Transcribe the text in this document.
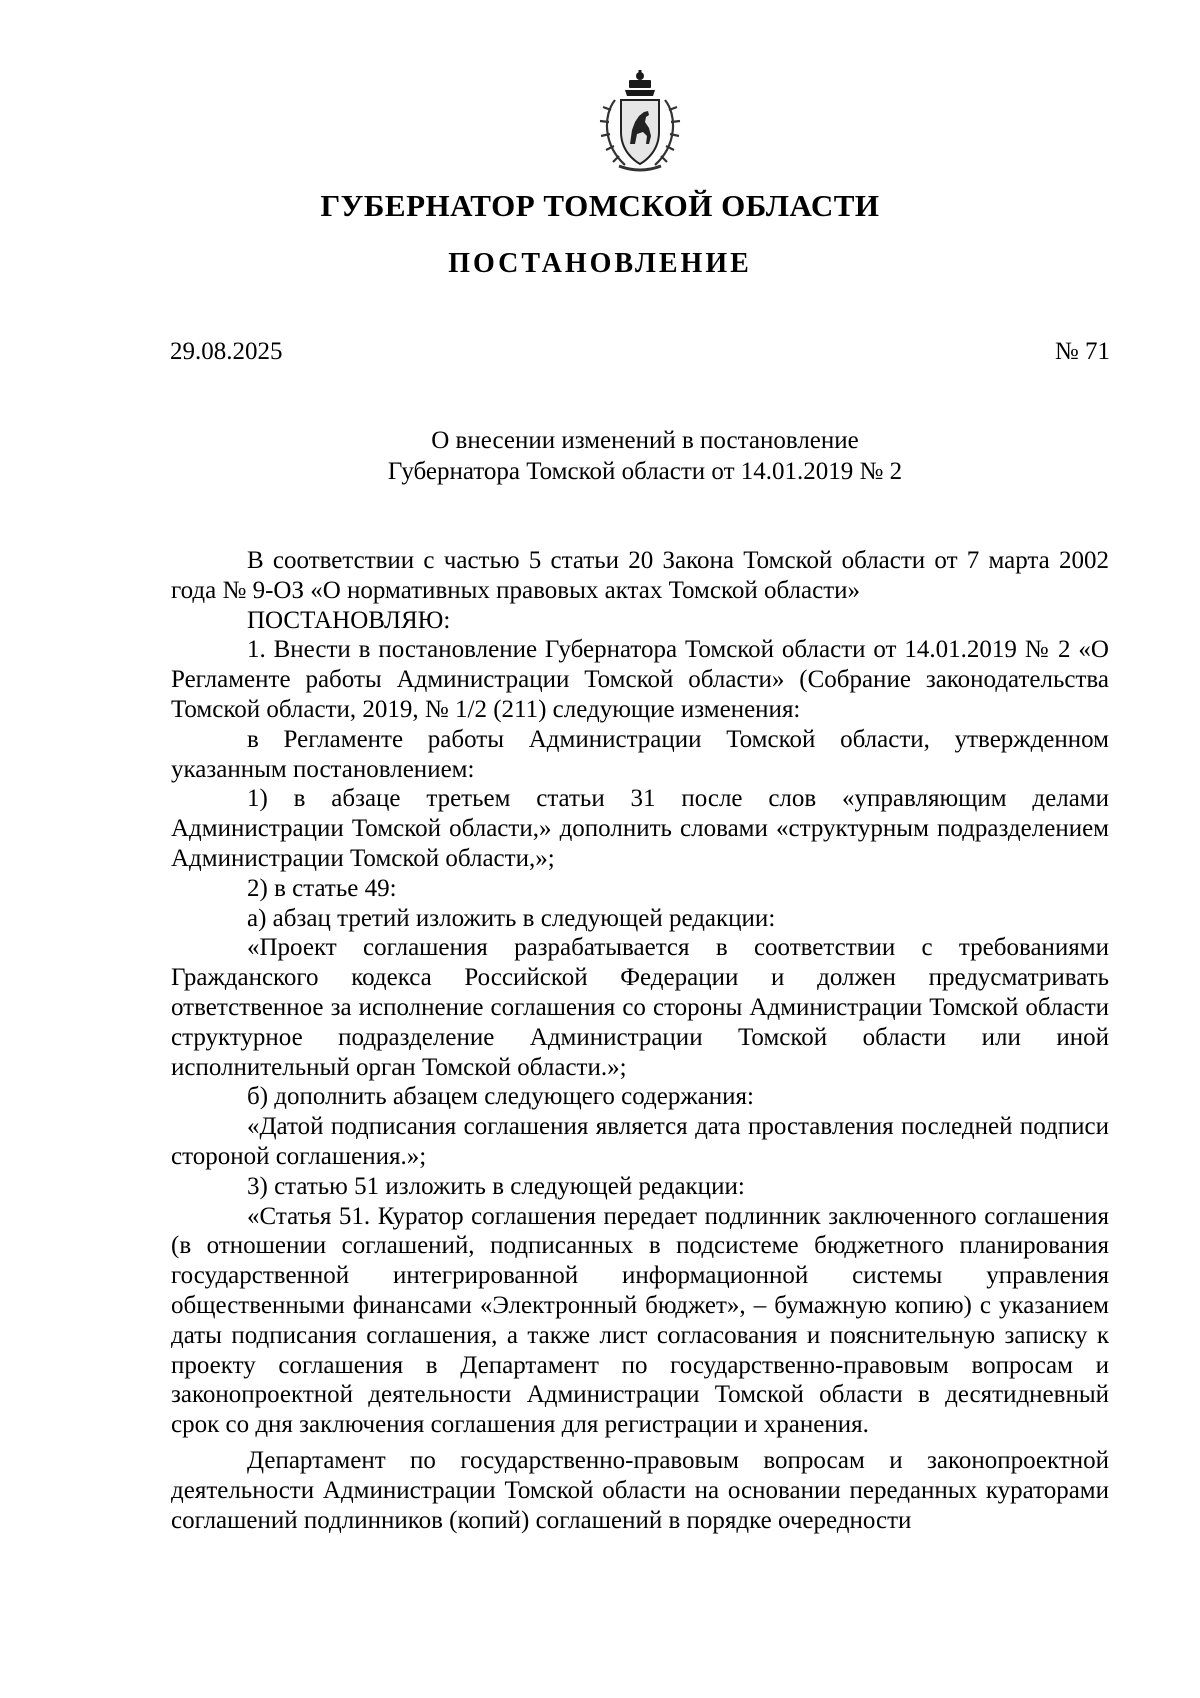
ГУБЕРНАТОР ТОМСКОЙ ОБЛАСТИ
ПОСТАНОВЛЕНИЕ
29.08.2025	№ 71
О внесении изменений в постановление
Губернатора Томской области от 14.01.2019 № 2

В соответствии с частью 5 статьи 20 Закона Томской области от 7 марта 2002 года № 9-ОЗ «О нормативных правовых актах Томской области»

ПОСТАНОВЛЯЮ:

1. Внести в постановление Губернатора Томской области от 14.01.2019 № 2 «О Регламенте работы Администрации Томской области» (Собрание законодательства Томской области, 2019, № 1/2 (211) следующие изменения:

в Регламенте работы Администрации Томской области, утвержденном указанным постановлением:

1) в абзаце третьем статьи 31 после слов «управляющим делами Администрации Томской области,» дополнить словами «структурным подразделением Администрации Томской области,»;

2) в статье 49:

а) абзац третий изложить в следующей редакции:

«Проект соглашения разрабатывается в соответствии с требованиями Гражданского кодекса Российской Федерации и должен предусматривать ответственное за исполнение соглашения со стороны Администрации Томской области структурное подразделение Администрации Томской области или иной исполнительный орган Томской области.»;

б) дополнить абзацем следующего содержания:

«Датой подписания соглашения является дата проставления последней подписи стороной соглашения.»;

3) статью 51 изложить в следующей редакции:

«Статья 51. Куратор соглашения передает подлинник заключенного соглашения (в отношении соглашений, подписанных в подсистеме бюджетного планирования государственной интегрированной информационной системы управления общественными финансами «Электронный бюджет», – бумажную копию) с указанием даты подписания соглашения, а также лист согласования и пояснительную записку к проекту соглашения в Департамент по государственно-правовым вопросам и законопроектной деятельности Администрации Томской области в десятидневный срок со дня заключения соглашения для регистрации и хранения.

Департамент по государственно-правовым вопросам и законопроектной деятельности Администрации Томской области на основании переданных кураторами соглашений подлинников (копий) соглашений в порядке очередности
